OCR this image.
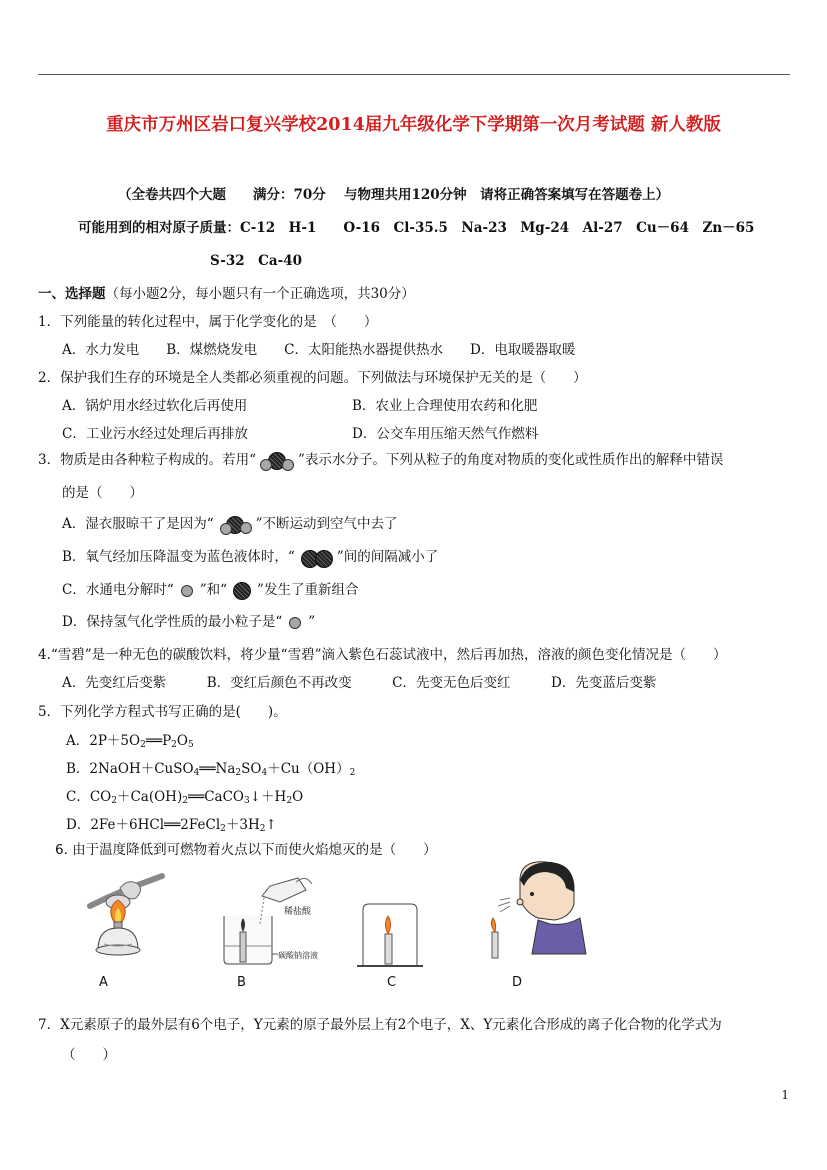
重庆市万州区岩口复兴学校2014届九年级化学下学期第一次月考试题 新人教版
（全卷共四个大题　　满分：70分　 与物理共用120分钟　请将正确答案填写在答题卷上）
可能用到的相对原子质量：C-12　H-1　　O-16　Cl-35.5　Na-23　Mg-24　Al-27　Cu－64　Zn－65
S-32　Ca-40
一、选择题（每小题2分，每小题只有一个正确选项，共30分）
1．下列能量的转化过程中，属于化学变化的是　（　　）
A．水力发电　　B．煤燃烧发电　　C．太阳能热水器提供热水　　D．电取暖器取暖
2．保护我们生存的环境是全人类都必须重视的问题。下列做法与环境保护无关的是（　　）
A．锅炉用水经过软化后再使用	B．农业上合理使用农药和化肥
C．工业污水经过处理后再排放	D．公交车用压缩天然气作燃料
3．物质是由各种粒子构成的。若用“	”表示水分子。下列从粒子的角度对物质的变化或性质作出的解释中错误
的是（　　）
A．湿衣服晾干了是因为“	”不断运动到空气中去了
B．氧气经加压降温变为蓝色液体时，“	”间的间隔减小了
C．水通电分解时“ ”和“ ”发生了重新组合
D．保持氢气化学性质的最小粒子是“ ”
4.“雪碧”是一种无色的碳酸饮料，将少量“雪碧”滴入紫色石蕊试液中，然后再加热，溶液的颜色变化情况是（　　）
A．先变红后变紫　　　B．变红后颜色不再改变　　　C．先变无色后变红　　　D．先变蓝后变紫
5．下列化学方程式书写正确的是(　　)。
A．$2P+5O_2══P_2O_5$
B．$2NaOH+CuSO_4══Na_2SO_4+Cu(OH)_2$
C．$CO_2+Ca(OH)_2══CaCO_3↓+H_2O$
D．$2Fe+6HCl══2FeCl_2+3H_2↑$
6. 由于温度降低到可燃物着火点以下而使火焰熄灭的是（　　）
A
稀盐酸
碳酸钠溶液
B	C	D
7．X元素原子的最外层有6个电子，Y元素的原子最外层上有2个电子，X、Y元素化合形成的离子化合物的化学式为
（　　）
1
